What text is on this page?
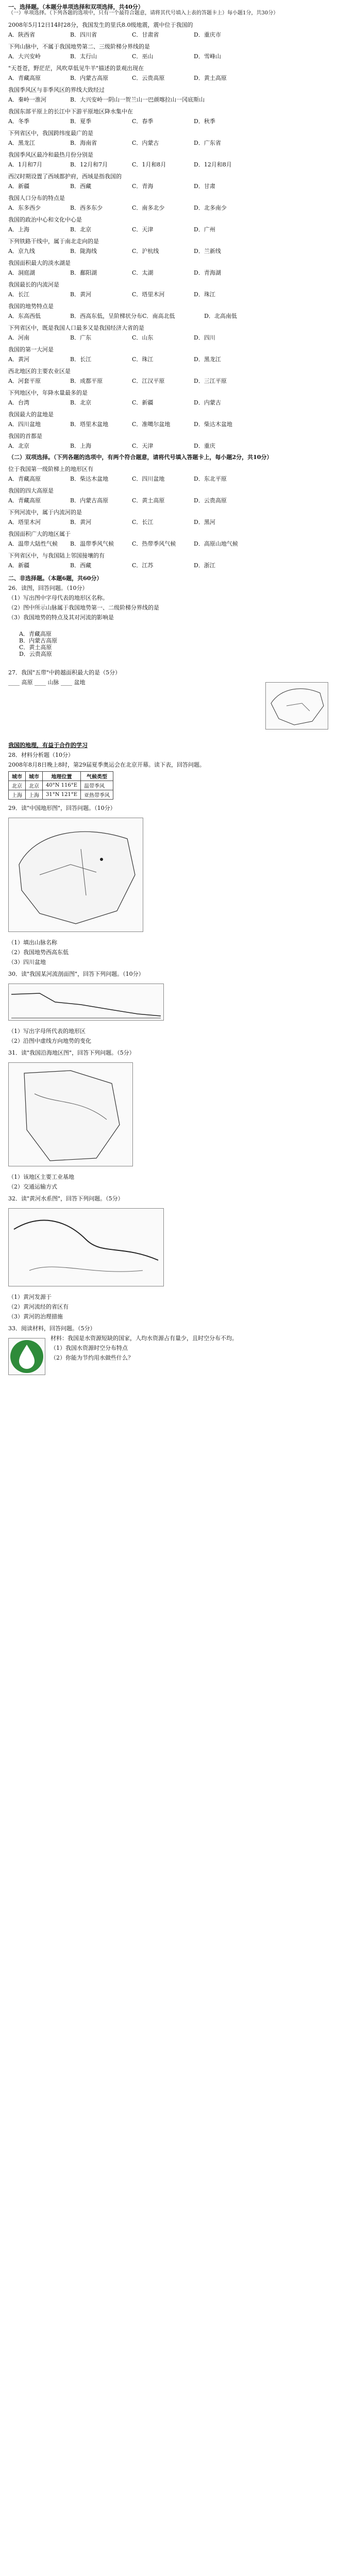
一、选择题。（本题分单项选择和双项选择，共40分）

（一）单项选择。（下列各题的选项中，只有一个最符合题意，请将其代号填入上表的答题卡上）每小题1分，共30分）

2008年5月12日14时28分，我国发生的里氏8.0级地震，震中位于我国的

A．陕西省	B．四川省	C．甘肃省	D．重庆市

下列山脉中，不属于我国地势第二、三级阶梯分界线的是

A．大兴安岭	B．太行山	C．巫山	D．雪峰山

"天苍苍，野茫茫，风吹草低见牛羊"描述的景观出现在

A．青藏高原	B．内蒙古高原	C．云贵高原	D．黄土高原

我国季风区与非季风区的界线大致经过

A．秦岭一淮河	B．大兴安岭一阴山一贺兰山一巴颜喀拉山一冈底斯山

我国东部平原上的长江中下游平原地区降水集中在

A．冬季	B．夏季	C．春季	D．秋季

下列省区中，我国跨纬度最广的是

A．黑龙江	B．海南省	C．内蒙古	D．广东省

我国季风区最冷和最热月份分别是

A．1月和7月	B．12月和7月	C．1月和8月	D．12月和8月

西汉时期设置了西域都护府，西域是指我国的

A．新疆	B．西藏	C．青海	D．甘肃

我国人口分布的特点是

A．东多西少	B．西多东少	C．南多北少	D．北多南少

我国的政治中心和文化中心是

A．上海	B．北京	C．天津	D．广州

下列铁路干线中，属于南北走向的是

A．京九线	B．陇海线	C．沪杭线	D．兰新线

我国面积最大的淡水湖是

A．洞庭湖	B．鄱阳湖	C．太湖	D．青海湖

我国最长的内流河是

A．长江	B．黄河	C．塔里木河	D．珠江

我国的地势特点是

A．东高西低	B．西高东低，呈阶梯状分布C．南高北低	D．北高南低

下列省区中，既是我国人口最多又是我国经济大省的是

A．河南	B．广东	C．山东	D．四川

我国的第一大河是

A．黄河	B．长江	C．珠江	D．黑龙江

西北地区的主要农业区是

A．河套平原	B．成都平原	C．江汉平原	D．三江平原

下列地区中，年降水量最多的是

A．台湾	B．北京	C．新疆	D．内蒙古

我国最大的盆地是

A．四川盆地	B．塔里木盆地	C．准噶尔盆地	D．柴达木盆地

我国的首都是

A．北京	B．上海	C．天津	D．重庆

（二）双项选择。（下列各题的选项中，有两个符合题意，请将代号填入答题卡上，每小题2分，共10分）

位于我国第一级阶梯上的地形区有

A．青藏高原	B．柴达木盆地	C．四川盆地	D．东北平原

我国的四大高原是

A．青藏高原	B．内蒙古高原	C．黄土高原	D．云贵高原

下列河流中，属于内流河的是

A．塔里木河	B．黄河	C．长江	D．黑河

我国面积广大的地区属于

A．温带大陆性气候 B．温带季风气候	C．热带季风气候	D．高原山地气候

下列省区中，与我国陆上邻国接壤的有

A．新疆	B．西藏	C．江苏	D．浙江

二、非选择题。（本题6题，共60分）

26．读图，回答问题。（10分）

（1）写出图中字母代表的地形区名称。

（2）图中所示山脉属于我国地势第一、二级阶梯分界线的是

（3）我国地势的特点及其对河流的影响是

A．青藏高原
B．内蒙古高原
C．黄土高原
D．云贵高原

27．我国"五带"中跨越面积最大的是（5分）

____ 高原 ____ 山脉 ____ 盆地

我国的地理，有益于合作的学习

28．材料分析题（10分）

2008年8月8日晚上8时，第29届夏季奥运会在北京开幕。读下表，回答问题。

城市	城市	地理位置	气候类型
北京	北京	40°N 116°E	温带季风
上海	上海	31°N 121°E	亚热带季风

29．读"中国地形图"，回答问题。（10分）

（1）填出山脉名称

（2）我国地势西高东低

（3）四川盆地

30．读"我国某河流剖面图"，回答下列问题。（10分）

（1）写出字母所代表的地形区

（2）沿图中虚线方向地势的变化

31．读"我国沿海地区图"，回答下列问题。（5分）

（1）该地区主要工业基地

（2）交通运输方式

32．读"黄河水系图"，回答下列问题。（5分）

（1）黄河发源于

（2）黄河流经的省区有

（3）黄河的治理措施

33．阅读材料，回答问题。（5分）

材料：我国是水资源短缺的国家，人均水资源占有量少，且时空分布不均。

（1）我国水资源时空分布特点

（2）你能为节约用水做些什么？
